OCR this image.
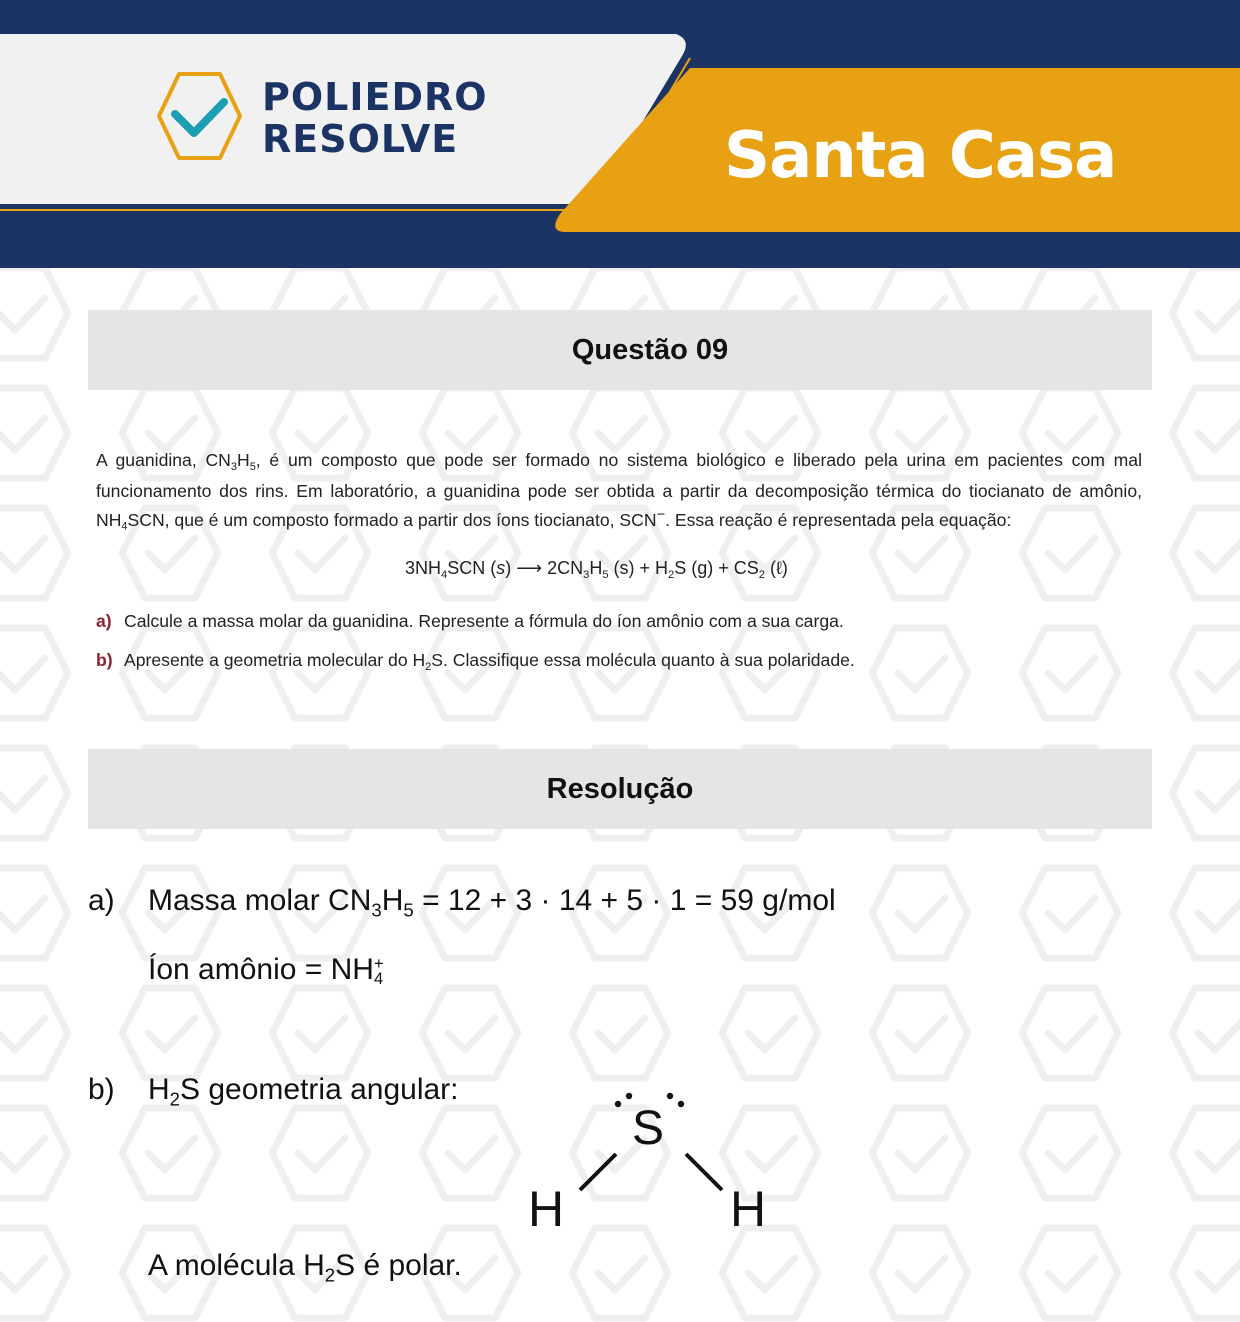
POLIEDRO
RESOLVE	Santa Casa
Questão 09
A guanidina, $CN_3H_5$, é um composto que pode ser formado no sistema biológico e liberado pela urina em pacientes com mal funcionamento dos rins. Em laboratório, a guanidina pode ser obtida a partir da decomposição térmica do tiocianato de amônio, $NH_4SCN$, que é um composto formado a partir dos íons tiocianato, SCN−. Essa reação é representada pela equação:
$3NH_4SCN$ (s) ⟶ $2CN_3H_5$ $(s) + H_2S$ $(g) + CS_2$ (ℓ)
a) Calcule a massa molar da guanidina. Represente a fórmula do íon amônio com a sua carga.
b) Apresente a geometria molecular do $H_2S$. Classifique essa molécula quanto à sua polaridade.
Resolução
a) Massa molar $CN_3H_5 = 12 + 3 \cdot 14 + 5 \cdot 1 = 59$ g/mol
Íon amônio = NH +
4
b) $H_2S$ geometria angular:
S
H	H
A molécula $H_2S$ é polar.
